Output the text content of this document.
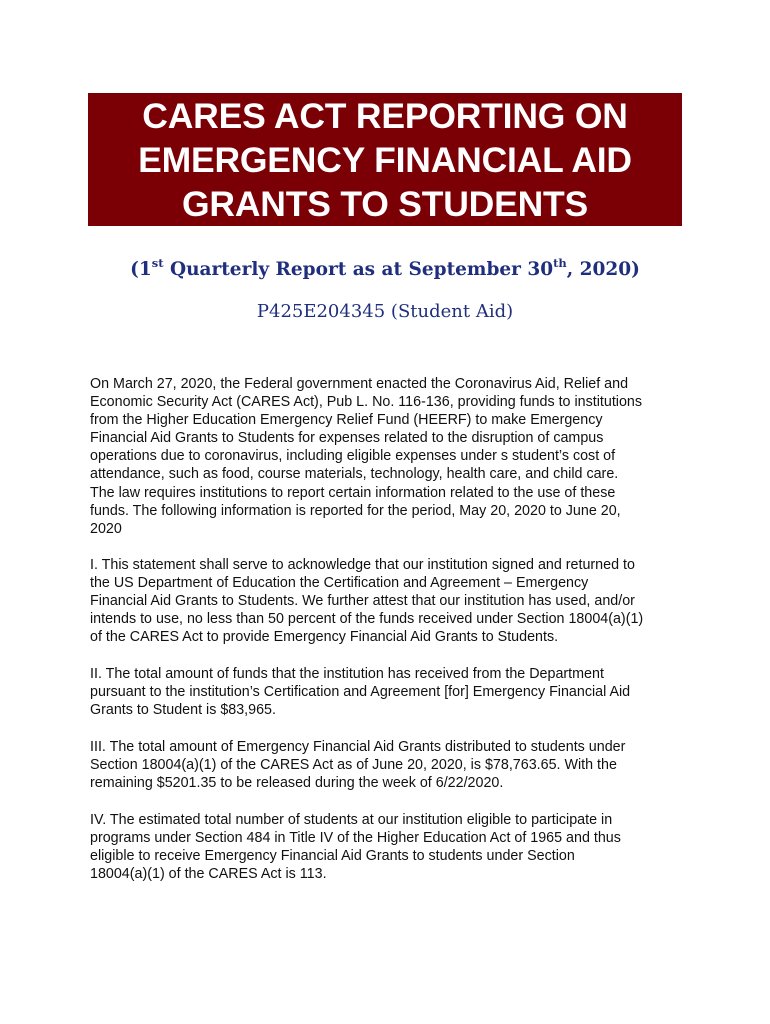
CARES ACT REPORTING ON
EMERGENCY FINANCIAL AID
GRANTS TO STUDENTS
(1st Quarterly Report as at September 30th, 2020)
P425E204345 (Student Aid)

On March 27, 2020, the Federal government enacted the Coronavirus Aid, Relief and
Economic Security Act (CARES Act), Pub L. No. 116-136, providing funds to institutions
from the Higher Education Emergency Relief Fund (HEERF) to make Emergency
Financial Aid Grants to Students for expenses related to the disruption of campus
operations due to coronavirus, including eligible expenses under s student’s cost of
attendance, such as food, course materials, technology, health care, and child care.
The law requires institutions to report certain information related to the use of these
funds. The following information is reported for the period, May 20, 2020 to June 20,
2020

I. This statement shall serve to acknowledge that our institution signed and returned to
the US Department of Education the Certification and Agreement – Emergency
Financial Aid Grants to Students. We further attest that our institution has used, and/or
intends to use, no less than 50 percent of the funds received under Section 18004(a)(1)
of the CARES Act to provide Emergency Financial Aid Grants to Students.

II. The total amount of funds that the institution has received from the Department
pursuant to the institution’s Certification and Agreement [for] Emergency Financial Aid
Grants to Student is $83,965.

III. The total amount of Emergency Financial Aid Grants distributed to students under
Section 18004(a)(1) of the CARES Act as of June 20, 2020, is $78,763.65. With the
remaining $5201.35 to be released during the week of 6/22/2020.

IV. The estimated total number of students at our institution eligible to participate in
programs under Section 484 in Title IV of the Higher Education Act of 1965 and thus
eligible to receive Emergency Financial Aid Grants to students under Section
18004(a)(1) of the CARES Act is 113.
